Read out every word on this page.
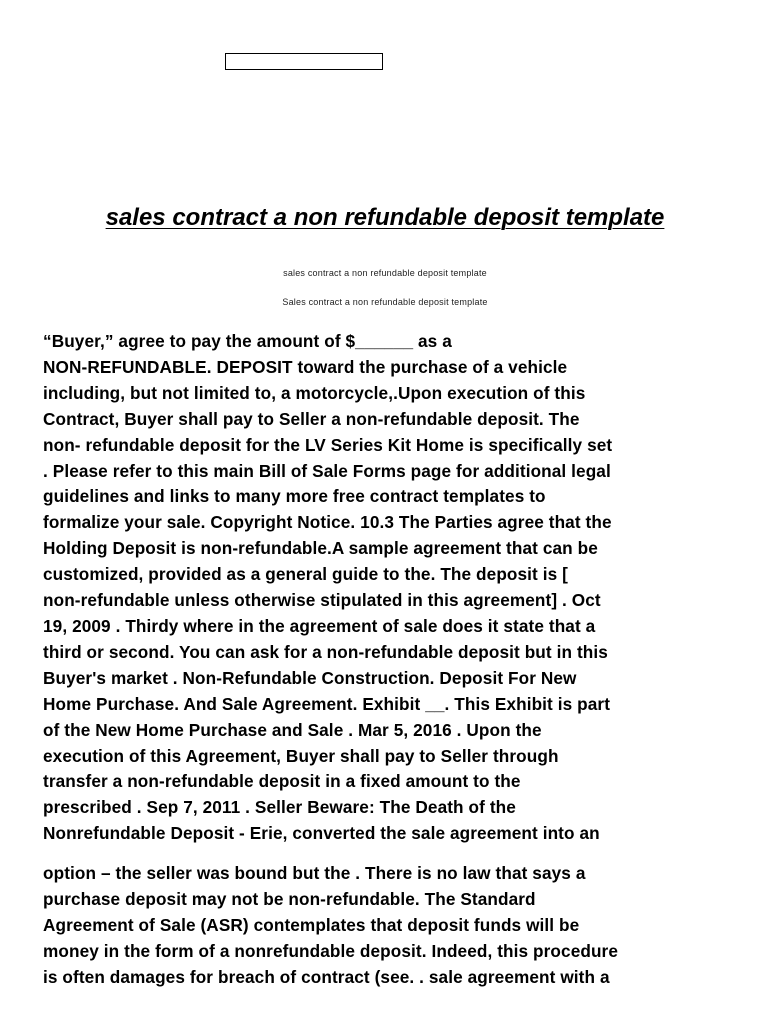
sales contract a non refundable deposit template
sales contract a non refundable deposit template
Sales contract a non refundable deposit template
“Buyer,” agree to pay the amount of $______ as a
NON-REFUNDABLE. DEPOSIT toward the purchase of a vehicle
including, but not limited to, a motorcycle,.Upon execution of this
Contract, Buyer shall pay to Seller a non-refundable deposit. The
non- refundable deposit for the LV Series Kit Home is specifically set
. Please refer to this main Bill of Sale Forms page for additional legal
guidelines and links to many more free contract templates to
formalize your sale. Copyright Notice. 10.3 The Parties agree that the
Holding Deposit is non-refundable.A sample agreement that can be
customized, provided as a general guide to the. The deposit is [
non-refundable unless otherwise stipulated in this agreement] . Oct
19, 2009 . Thirdy where in the agreement of sale does it state that a
third or second. You can ask for a non-refundable deposit but in this
Buyer's market . Non-Refundable Construction. Deposit For New
Home Purchase. And Sale Agreement. Exhibit __. This Exhibit is part
of the New Home Purchase and Sale . Mar 5, 2016 . Upon the
execution of this Agreement, Buyer shall pay to Seller through
transfer a non-refundable deposit in a fixed amount to the
prescribed . Sep 7, 2011 . Seller Beware: The Death of the
Nonrefundable Deposit - Erie, converted the sale agreement into an
option – the seller was bound but the . There is no law that says a
purchase deposit may not be non-refundable. The Standard
Agreement of Sale (ASR) contemplates that deposit funds will be
money in the form of a nonrefundable deposit. Indeed, this procedure
is often damages for breach of contract (see. . sale agreement with a
